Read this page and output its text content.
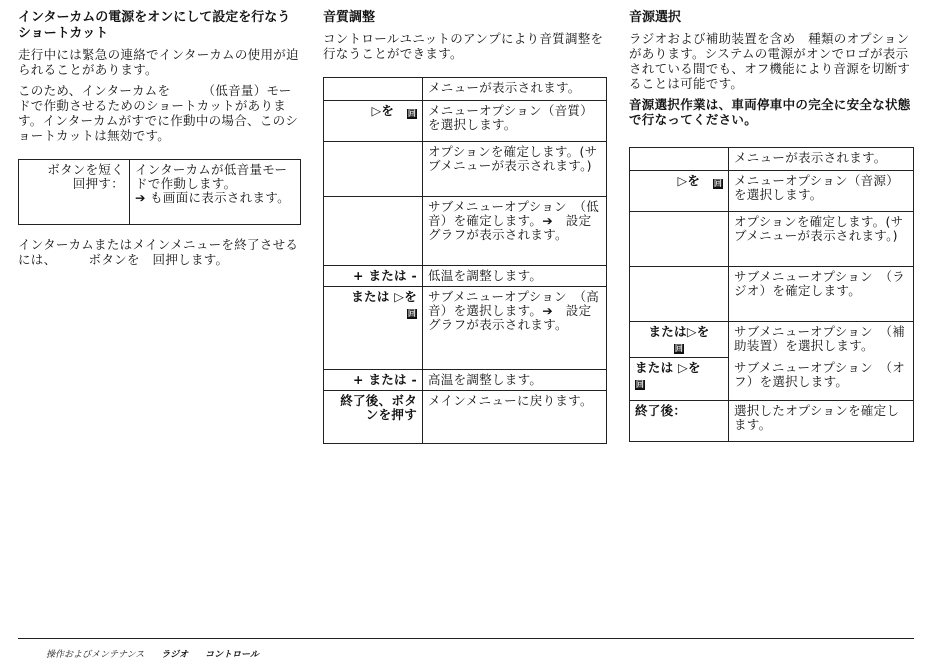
インターカムの電源をオンにして設定を行なうショートカット

走行中には緊急の連絡でインターカムの使用が迫られることがあります。

このため、インターカムを　　　（低音量）モードで作動させるためのショートカットがあります。インターカムがすでに作動中の場合、このショートカットは無効です。

ボタンを短く　回押す：	インターカムが低音量モードで作動します。
➔ も画面に表示されます。

インターカムまたはメインメニューを終了させるには、　　　ボタンを　回押します。

音質調整

コントロールユニットのアンプにより音質調整を行なうことができます。

	メニューが表示されます。
▷を　 回	メニューオプション（音質）を選択します。
	オプションを確定します。(サブメニューが表示されます。)
	サブメニューオプション　（低音）を確定します。➔　設定グラフが表示されます。
+ または -	低温を調整します。
または ▷を
回	サブメニューオプション　（高音）を選択します。➔　設定グラフが表示されます。
+ または -	高温を調整します。
終了後、ボタンを押す	メインメニューに戻ります。
音源選択

ラジオおよび補助装置を含め　種類のオプションがあります。システムの電源がオンでロゴが表示されている間でも、オフ機能により音源を切断することは可能です。

音源選択作業は、車両停車中の完全に安全な状態で行なってください。

	メニューが表示されます。
▷を　 回	メニューオプション（音源）を選択します。
	オプションを確定します。(サブメニューが表示されます。)
	サブメニューオプション　（ラジオ）を確定します。
または▷を
回	サブメニューオプション　（補助装置）を選択します。
または ▷を　回	サブメニューオプション　（オフ）を選択します。
終了後：	選択したオプションを確定します。
操作およびメンテナンス ラジオ コントロール
